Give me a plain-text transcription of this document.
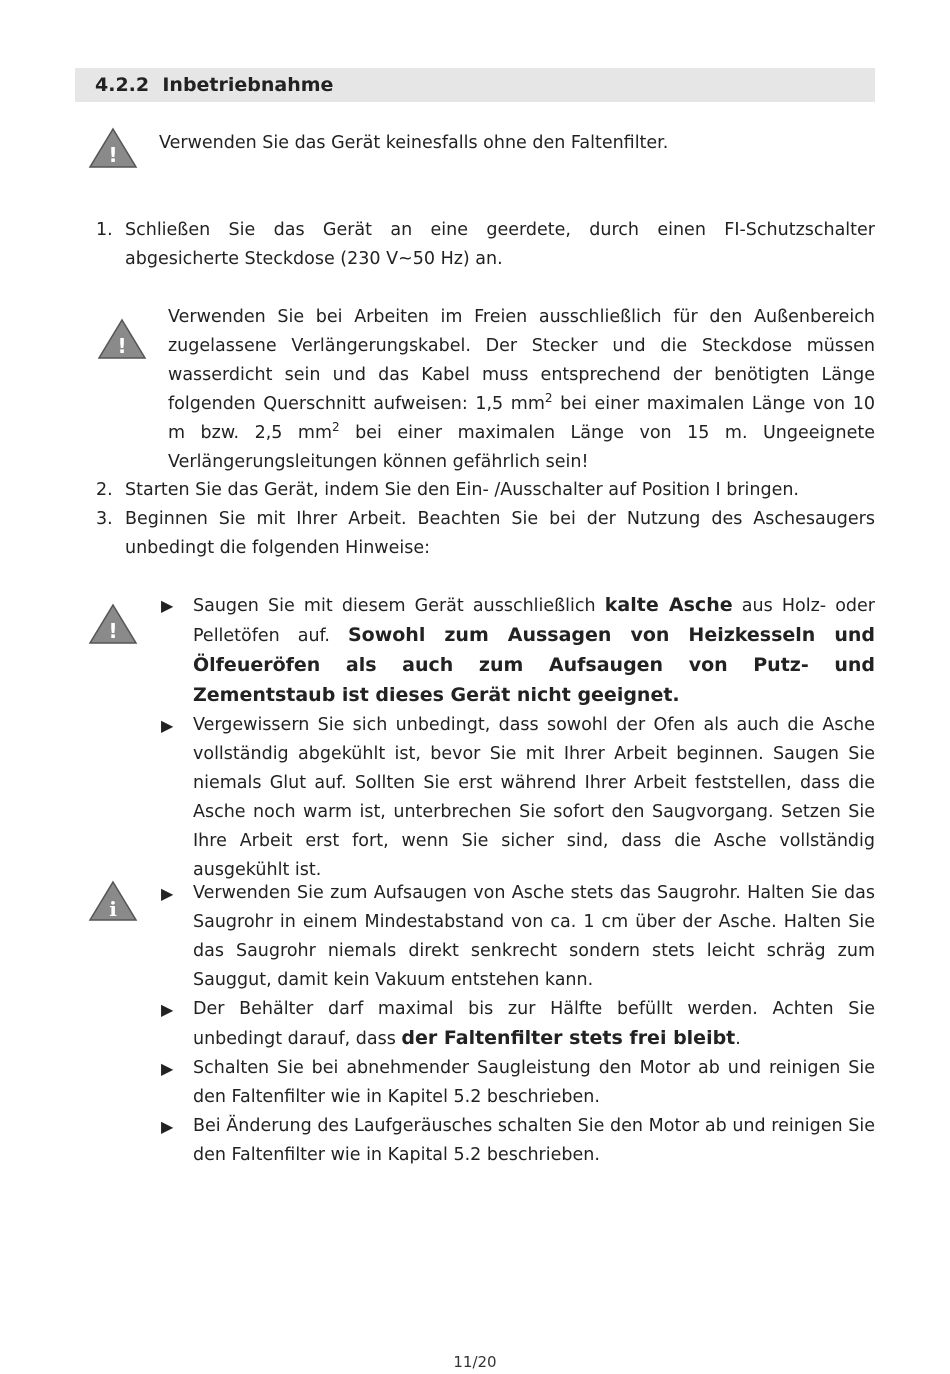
4.2.2 Inbetriebnahme
! Verwenden Sie das Gerät keinesfalls ohne den Faltenfilter.
1. Schließen Sie das Gerät an eine geerdete, durch einen FI-Schutzschalter abgesicherte Steckdose (230 V~50 Hz) an.
!
Verwenden Sie bei Arbeiten im Freien ausschließlich für den Außenbereich zugelassene Verlängerungskabel. Der Stecker und die Steckdose müssen wasserdicht sein und das Kabel muss entsprechend der benötigten Länge folgenden Querschnitt aufweisen: 1,5 $mm^2$ bei einer maximalen Länge von 10 m bzw. 2,5 $mm^2$ bei einer maximalen Länge von 15 m. Ungeeignete Verlängerungsleitungen können gefährlich sein!
2. Starten Sie das Gerät, indem Sie den Ein- /Ausschalter auf Position I bringen.
3. Beginnen Sie mit Ihrer Arbeit. Beachten Sie bei der Nutzung des Aschesaugers unbedingt die folgenden Hinweise:
!
▶ Saugen Sie mit diesem Gerät ausschließlich kalte Asche aus Holz- oder Pelletöfen auf. Sowohl zum Aussagen von Heizkesseln und Ölfeueröfen als auch zum Aufsaugen von Putz- und Zementstaub ist dieses Gerät nicht geeignet.
▶ Vergewissern Sie sich unbedingt, dass sowohl der Ofen als auch die Asche vollständig abgekühlt ist, bevor Sie mit Ihrer Arbeit beginnen. Saugen Sie niemals Glut auf. Sollten Sie erst während Ihrer Arbeit feststellen, dass die Asche noch warm ist, unterbrechen Sie sofort den Saugvorgang. Setzen Sie Ihre Arbeit erst fort, wenn Sie sicher sind, dass die Asche vollständig ausgekühlt ist.
i
▶ Verwenden Sie zum Aufsaugen von Asche stets das Saugrohr. Halten Sie das Saugrohr in einem Mindestabstand von ca. 1 cm über der Asche. Halten Sie das Saugrohr niemals direkt senkrecht sondern stets leicht schräg zum Sauggut, damit kein Vakuum entstehen kann.
▶ Der Behälter darf maximal bis zur Hälfte befüllt werden. Achten Sie unbedingt darauf, dass der Faltenfilter stets frei bleibt.
▶ Schalten Sie bei abnehmender Saugleistung den Motor ab und reinigen Sie den Faltenfilter wie in Kapitel 5.2 beschrieben.
▶ Bei Änderung des Laufgeräusches schalten Sie den Motor ab und reinigen Sie den Faltenfilter wie in Kapital 5.2 beschrieben.
11/20
